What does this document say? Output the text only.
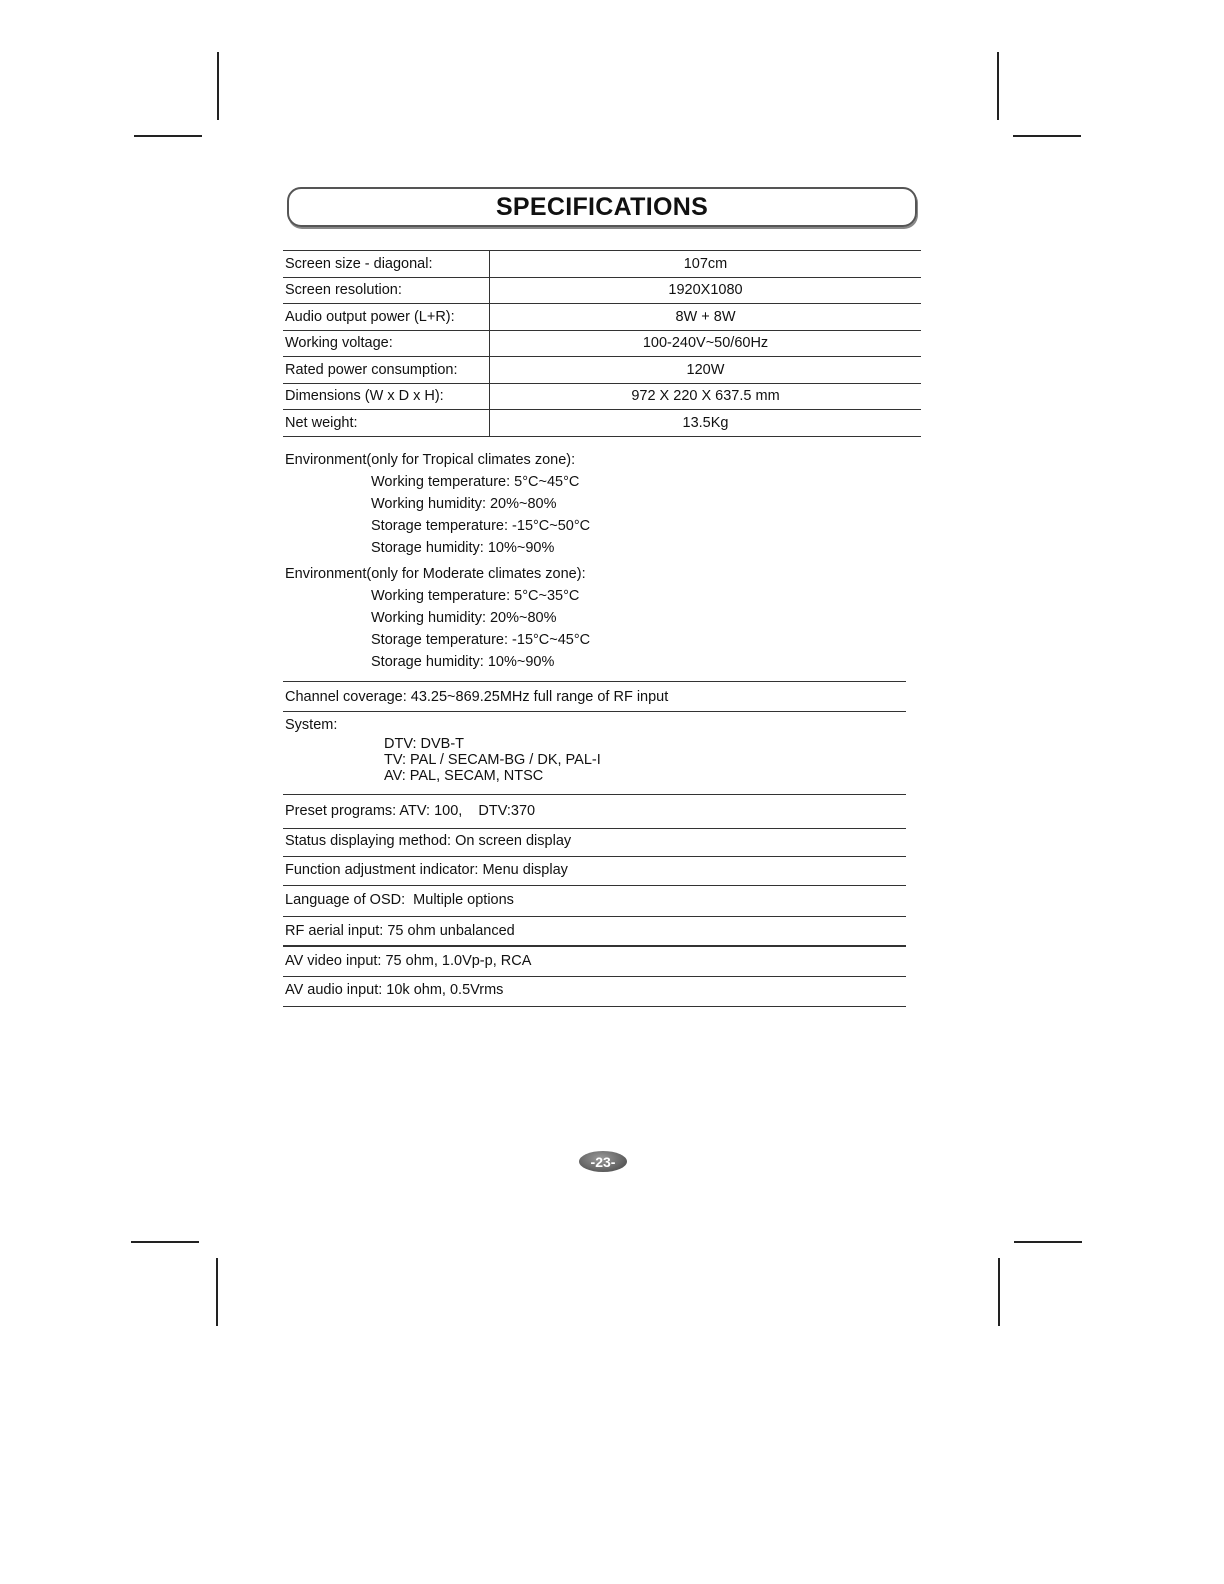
SPECIFICATIONS
Screen size - diagonal:	107cm
Screen resolution:	1920X1080
Audio output power (L+R):	8W + 8W
Working voltage:	100-240V~50/60Hz
Rated power consumption:	120W
Dimensions (W x D x H):	972 X 220 X 637.5 mm
Net weight:	13.5Kg

Environment(only for Tropical climates zone):

Working temperature: 5°C~45°C

Working humidity: 20%~80%

Storage temperature: -15°C~50°C

Storage humidity: 10%~90%

Environment(only for Moderate climates zone):

Working temperature: 5°C~35°C

Working humidity: 20%~80%

Storage temperature: -15°C~45°C

Storage humidity: 10%~90%

Channel coverage: 43.25~869.25MHz full range of RF input
System:
DTV: DVB-T
TV: PAL / SECAM-BG / DK, PAL-I
AV: PAL, SECAM, NTSC
Preset programs: ATV: 100,    DTV:370
Status displaying method: On screen display
Function adjustment indicator: Menu display
Language of OSD:  Multiple options
RF aerial input: 75 ohm unbalanced
AV video input: 75 ohm, 1.0Vp-p, RCA
AV audio input: 10k ohm, 0.5Vrms
-23-
